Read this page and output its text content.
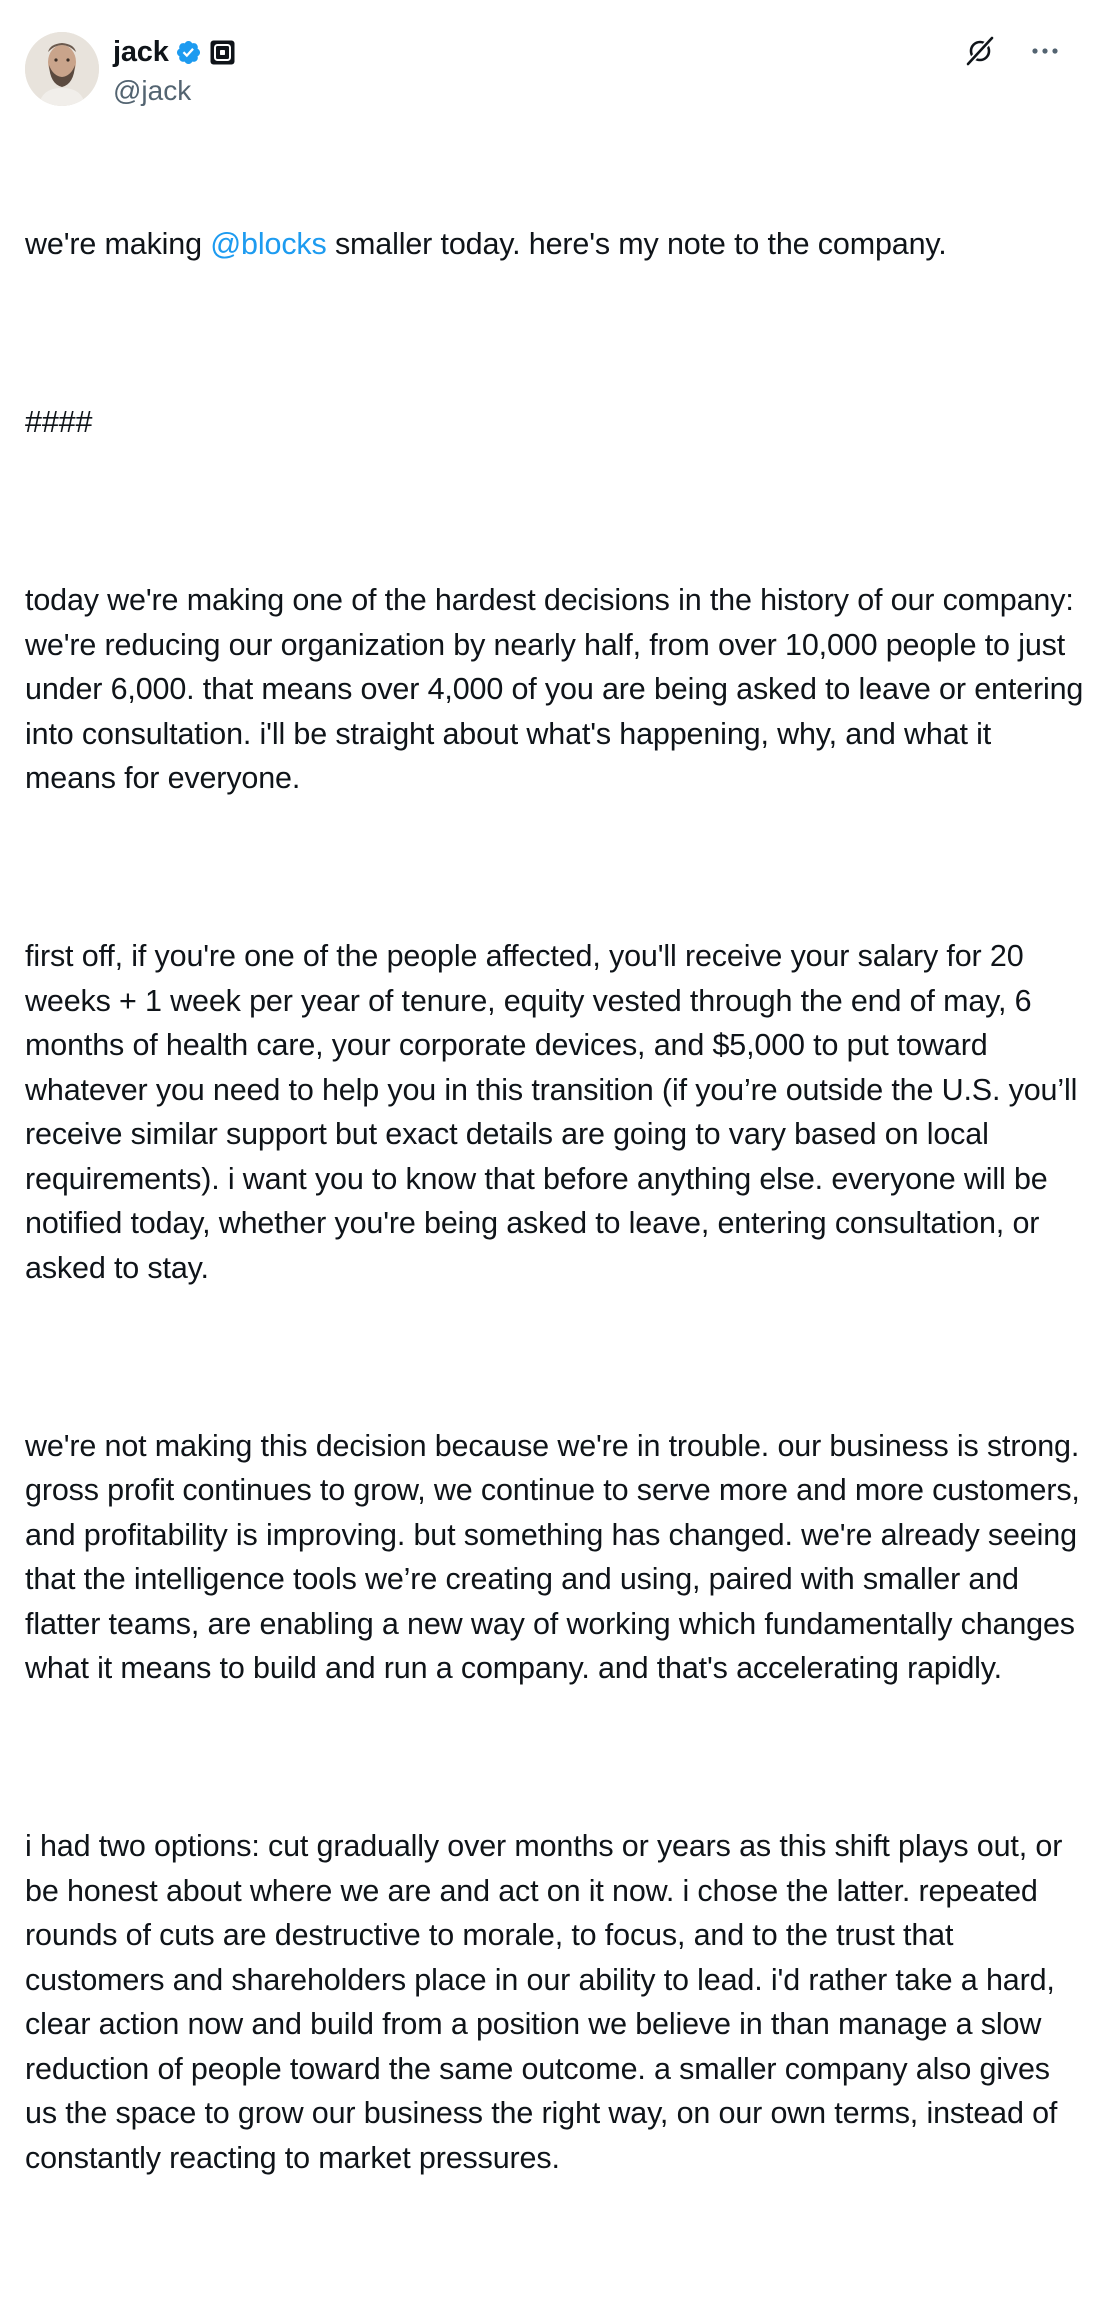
jack
@jack

we're making @blocks smaller today. here's my note to the company.

####

today we're making one of the hardest decisions in the history of our company: we're reducing our organization by nearly half, from over 10,000 people to just under 6,000. that means over 4,000 of you are being asked to leave or entering into consultation. i'll be straight about what's happening, why, and what it means for everyone.

first off, if you're one of the people affected, you'll receive your salary for 20 weeks + 1 week per year of tenure, equity vested through the end of may, 6 months of health care, your corporate devices, and $5,000 to put toward whatever you need to help you in this transition (if you’re outside the U.S. you’ll receive similar support but exact details are going to vary based on local requirements). i want you to know that before anything else. everyone will be notified today, whether you're being asked to leave, entering consultation, or asked to stay.

we're not making this decision because we're in trouble. our business is strong. gross profit continues to grow, we continue to serve more and more customers, and profitability is improving. but something has changed. we're already seeing that the intelligence tools we’re creating and using, paired with smaller and flatter teams, are enabling a new way of working which fundamentally changes what it means to build and run a company. and that's accelerating rapidly.

i had two options: cut gradually over months or years as this shift plays out, or be honest about where we are and act on it now. i chose the latter. repeated rounds of cuts are destructive to morale, to focus, and to the trust that customers and shareholders place in our ability to lead. i'd rather take a hard, clear action now and build from a position we believe in than manage a slow reduction of people toward the same outcome. a smaller company also gives us the space to grow our business the right way, on our own terms, instead of constantly reacting to market pressures.
